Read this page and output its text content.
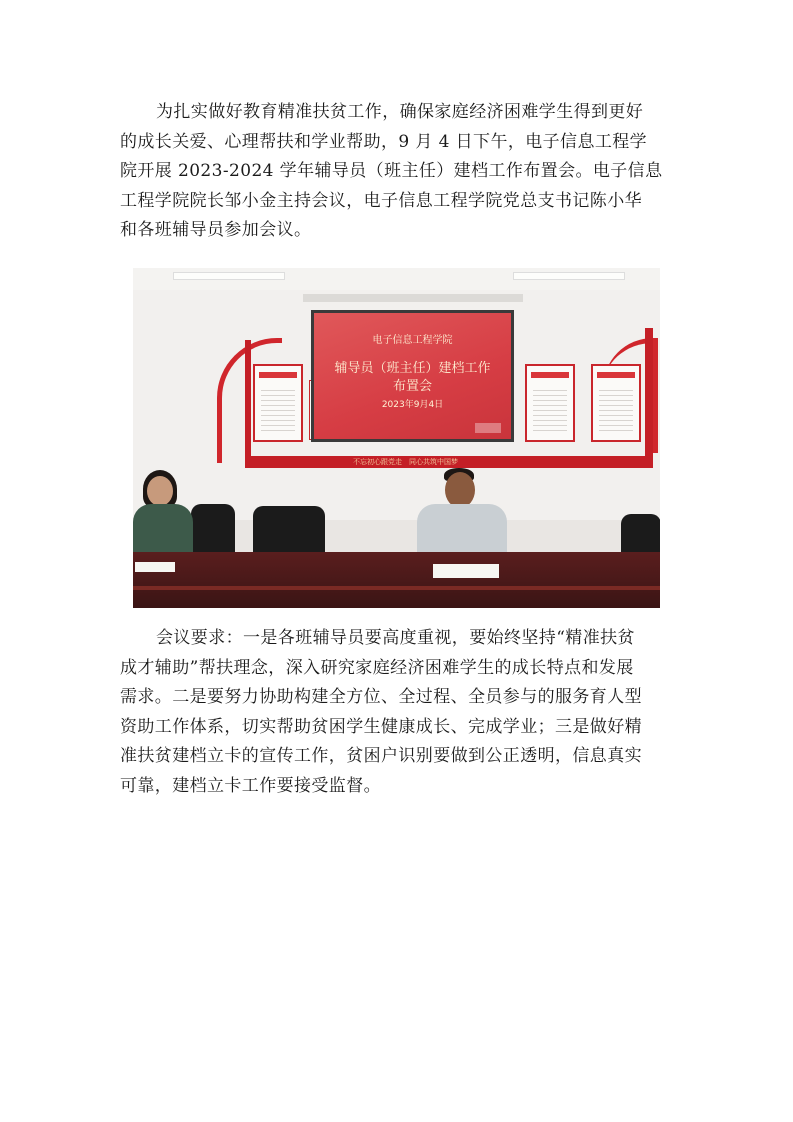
为扎实做好教育精准扶贫工作，确保家庭经济困难学生得到更好
的成长关爱、心理帮扶和学业帮助，9 月 4 日下午，电子信息工程学
院开展 2023-2024 学年辅导员（班主任）建档工作布置会。电子信息
工程学院院长邹小金主持会议，电子信息工程学院党总支书记陈小华
和各班辅导员参加会议。
不忘初心跟党走　同心共筑中国梦
电子信息工程学院
辅导员（班主任）建档工作
布置会
2023年9月4日
会议要求：一是各班辅导员要高度重视，要始终坚持“精准扶贫
成才辅助”帮扶理念，深入研究家庭经济困难学生的成长特点和发展
需求。二是要努力协助构建全方位、全过程、全员参与的服务育人型
资助工作体系，切实帮助贫困学生健康成长、完成学业；三是做好精
准扶贫建档立卡的宣传工作，贫困户识别要做到公正透明，信息真实
可靠，建档立卡工作要接受监督。
